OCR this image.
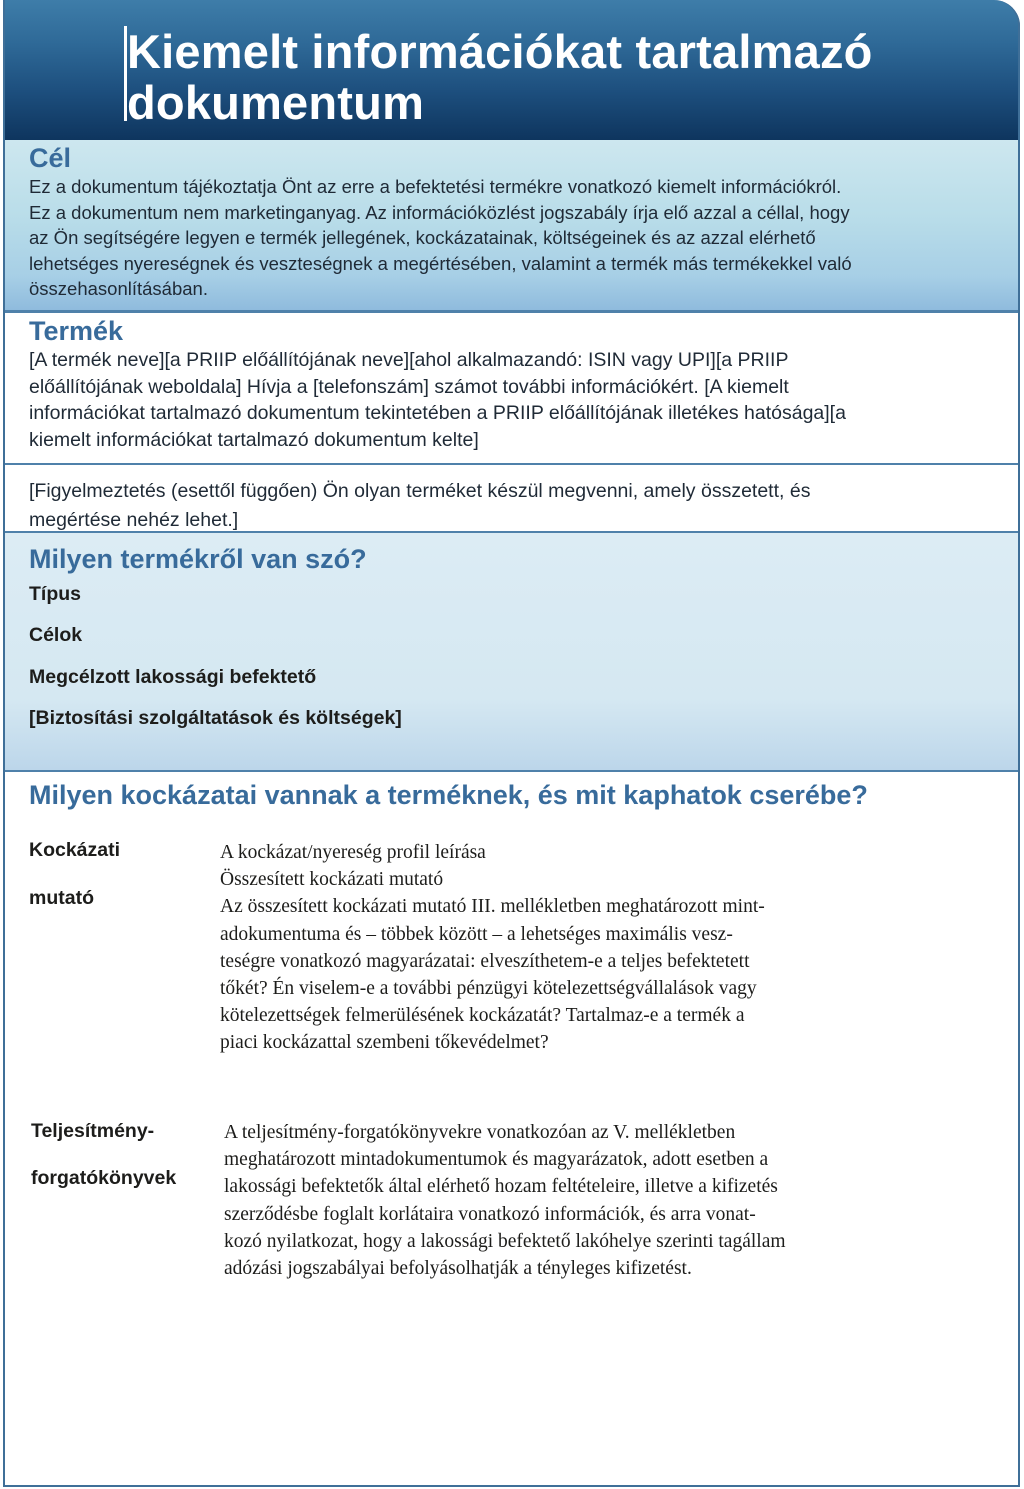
Kiemelt információkat tartalmazó
dokumentum
Cél
Ez a dokumentum tájékoztatja Önt az erre a befektetési termékre vonatkozó kiemelt információkról.
Ez a dokumentum nem marketinganyag. Az információközlést jogszabály írja elő azzal a céllal, hogy
az Ön segítségére legyen e termék jellegének, kockázatainak, költségeinek és az azzal elérhető
lehetséges nyereségnek és veszteségnek a megértésében, valamint a termék más termékekkel való
összehasonlításában.
Termék
[A termék neve][a PRIIP előállítójának neve][ahol alkalmazandó: ISIN vagy UPI][a PRIIP
előállítójának weboldala] Hívja a [telefonszám] számot további információkért. [A kiemelt
információkat tartalmazó dokumentum tekintetében a PRIIP előállítójának illetékes hatósága][a
kiemelt információkat tartalmazó dokumentum kelte]
[Figyelmeztetés (esettől függően) Ön olyan terméket készül megvenni, amely összetett, és
megértése nehéz lehet.]
Milyen termékről van szó?
Típus
Célok
Megcélzott lakossági befektető
[Biztosítási szolgáltatások és költségek]
Milyen kockázatai vannak a terméknek, és mit kaphatok cserébe?
Kockázati
mutató
A kockázat/nyereség profil leírása
Összesített kockázati mutató
Az összesített kockázati mutató III. mellékletben meghatározott mint-
adokumentuma és – többek között – a lehetséges maximális vesz-
teségre vonatkozó magyarázatai: elveszíthetem-e a teljes befektetett
tőkét? Én viselem-e a további pénzügyi kötelezettségvállalások vagy
kötelezettségek felmerülésének kockázatát? Tartalmaz-e a termék a
piaci kockázattal szembeni tőkevédelmet?
Teljesítmény-
forgatókönyvek
A teljesítmény-forgatókönyvekre vonatkozóan az V. mellékletben
meghatározott mintadokumentumok és magyarázatok, adott esetben a
lakossági befektetők által elérhető hozam feltételeire, illetve a kifizetés
szerződésbe foglalt korlátaira vonatkozó információk, és arra vonat-
kozó nyilatkozat, hogy a lakossági befektető lakóhelye szerinti tagállam
adózási jogszabályai befolyásolhatják a tényleges kifizetést.
